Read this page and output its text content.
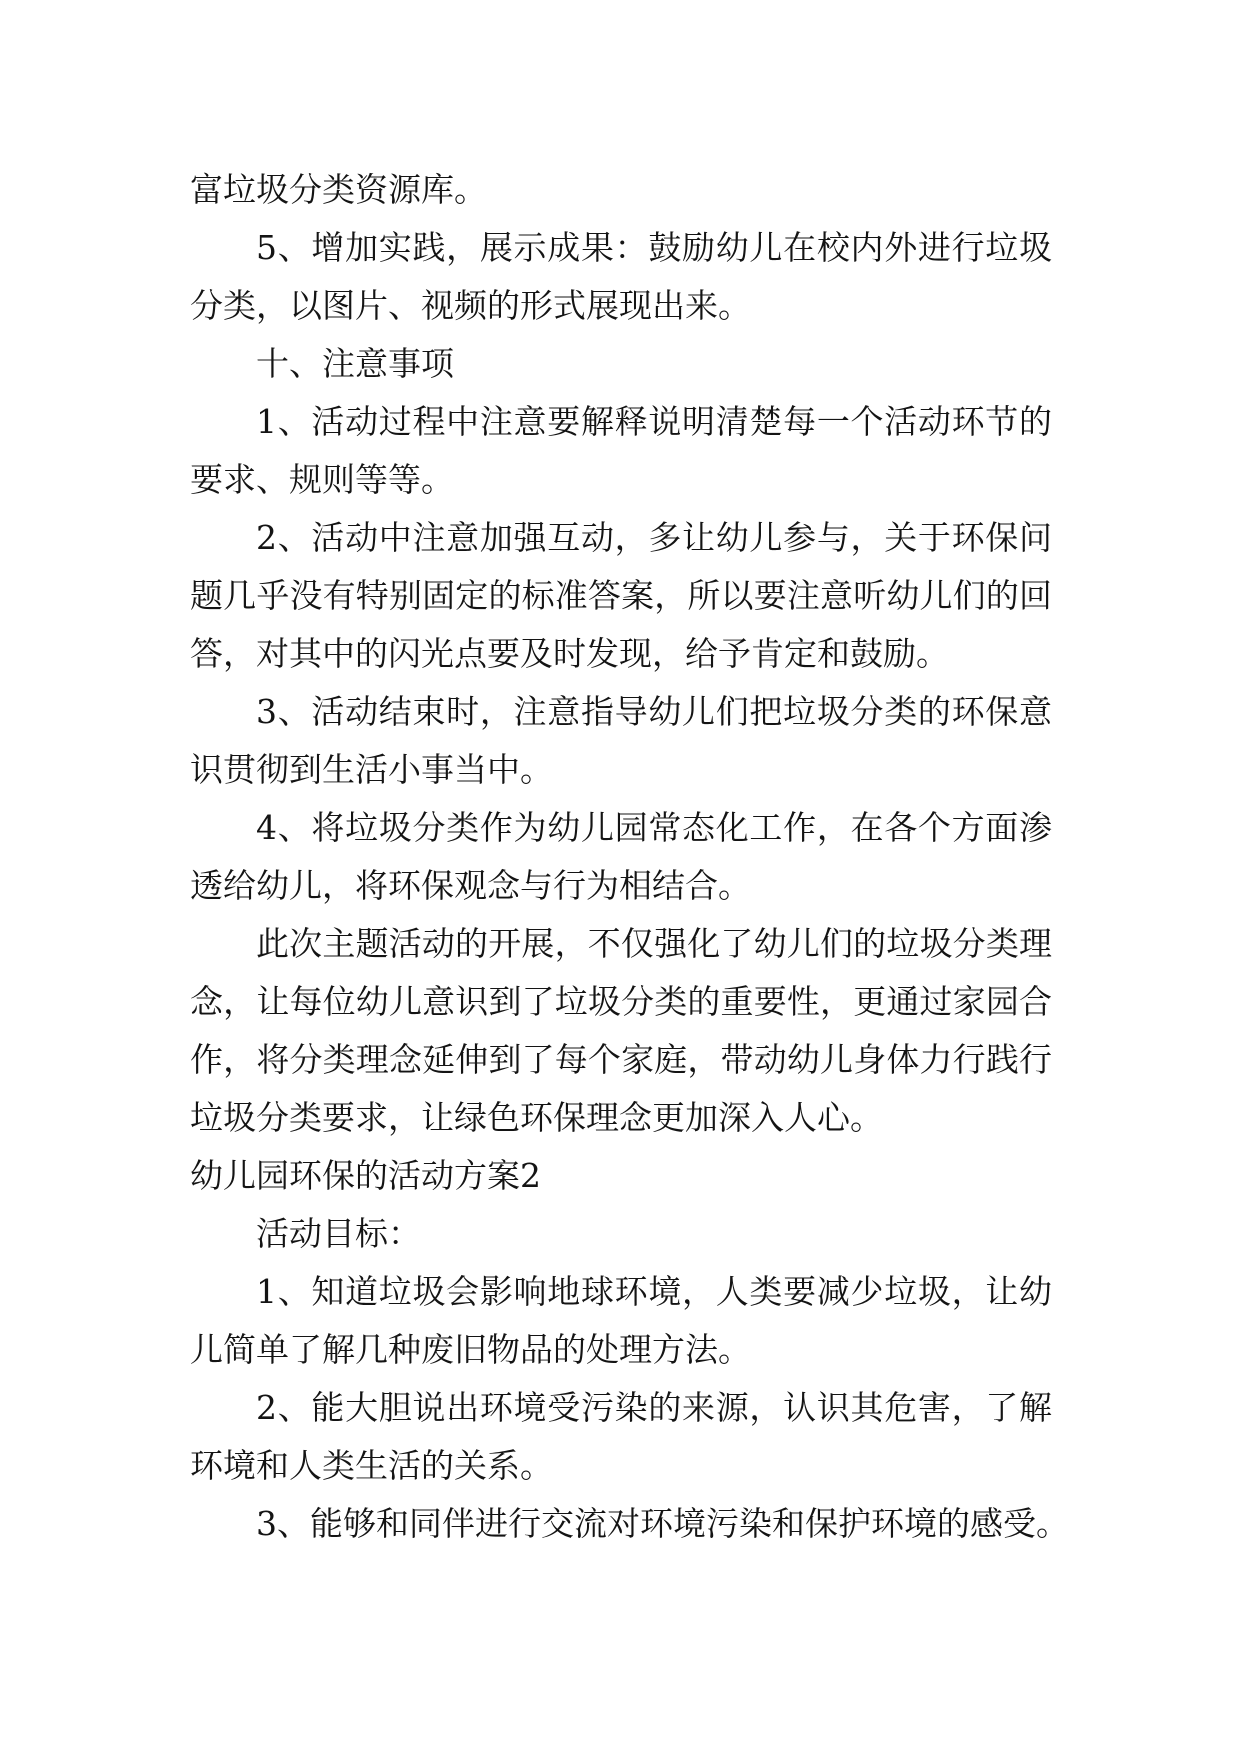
富垃圾分类资源库。
5、增加实践，展示成果：鼓励幼儿在校内外进行垃圾
分类，以图片、视频的形式展现出来。
十、注意事项
1、活动过程中注意要解释说明清楚每一个活动环节的
要求、规则等等。
2、活动中注意加强互动，多让幼儿参与，关于环保问
题几乎没有特别固定的标准答案，所以要注意听幼儿们的回
答，对其中的闪光点要及时发现，给予肯定和鼓励。
3、活动结束时，注意指导幼儿们把垃圾分类的环保意
识贯彻到生活小事当中。
4、将垃圾分类作为幼儿园常态化工作，在各个方面渗
透给幼儿，将环保观念与行为相结合。
此次主题活动的开展，不仅强化了幼儿们的垃圾分类理
念，让每位幼儿意识到了垃圾分类的重要性，更通过家园合
作，将分类理念延伸到了每个家庭，带动幼儿身体力行践行
垃圾分类要求，让绿色环保理念更加深入人心。
幼儿园环保的活动方案2
活动目标：
1、知道垃圾会影响地球环境，人类要减少垃圾，让幼
儿简单了解几种废旧物品的处理方法。
2、能大胆说出环境受污染的来源，认识其危害，了解
环境和人类生活的关系。
3、能够和同伴进行交流对环境污染和保护环境的感受。
